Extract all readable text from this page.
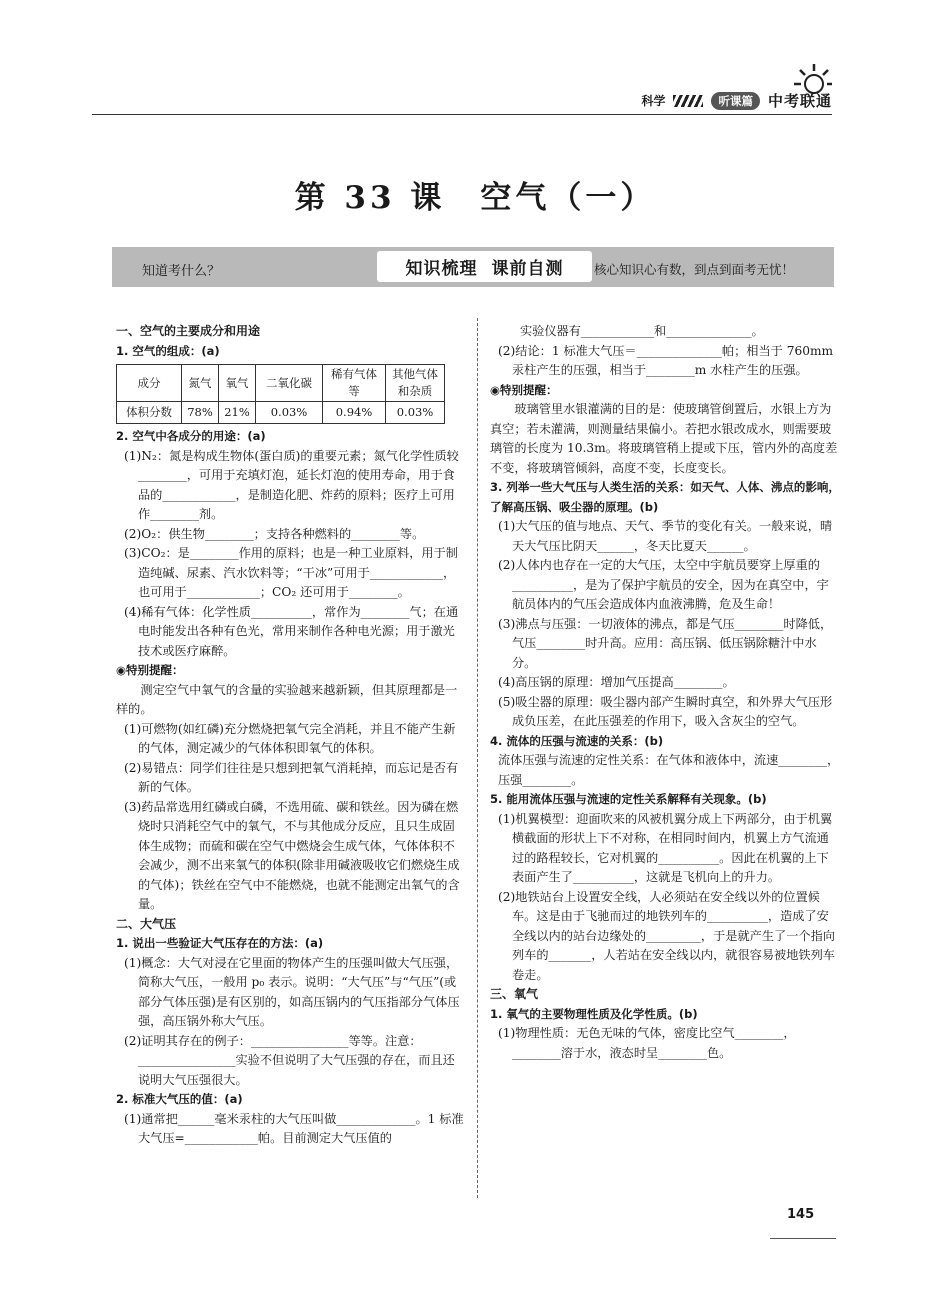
科学	听课篇	中考联通
第 33 课　空气（一）
知道考什么？	知识梳理 课前自测 核心知识心有数，到点到面考无忧！

一、空气的主要成分和用途

1. 空气的组成：(a)

成分	氮气	氧气	二氧化碳	稀有气体等	其他气体和杂质
体积分数	78%	21%	0.03%	0.94%	0.03%

2. 空气中各成分的用途：(a)

(1)N₂：氮是构成生物体(蛋白质)的重要元素；氮气化学性质较________，可用于充填灯泡，延长灯泡的使用寿命，用于食品的____________，是制造化肥、炸药的原料；医疗上可用作________剂。

(2)O₂：供生物________；支持各种燃料的________等。

(3)CO₂：是________作用的原料；也是一种工业原料，用于制造纯碱、尿素、汽水饮料等；“干冰”可用于____________，也可用于____________；CO₂ 还可用于________。

(4)稀有气体：化学性质__________，常作为________气；在通电时能发出各种有色光，常用来制作各种电光源；用于激光技术或医疗麻醉。

◉特别提醒：

测定空气中氧气的含量的实验越来越新颖，但其原理都是一样的。

(1)可燃物(如红磷)充分燃烧把氧气完全消耗，并且不能产生新的气体，测定减少的气体体积即氧气的体积。

(2)易错点：同学们往往是只想到把氧气消耗掉，而忘记是否有新的气体。

(3)药品常选用红磷或白磷，不选用硫、碳和铁丝。因为磷在燃烧时只消耗空气中的氧气，不与其他成分反应，且只生成固体生成物；而硫和碳在空气中燃烧会生成气体，气体体积不会减少，测不出来氧气的体积(除非用碱液吸收它们燃烧生成的气体)；铁丝在空气中不能燃烧，也就不能测定出氧气的含量。

二、大气压

1. 说出一些验证大气压存在的方法：(a)

(1)概念：大气对浸在它里面的物体产生的压强叫做大气压强，简称大气压，一般用 p₀ 表示。说明：“大气压”与“气压”(或部分气体压强)是有区别的，如高压锅内的气压指部分气体压强，高压锅外称大气压。

(2)证明其存在的例子：________________等等。注意：________________实验不但说明了大气压强的存在，而且还说明大气压强很大。

2. 标准大气压的值：(a)

(1)通常把______毫米汞柱的大气压叫做_____________。1 标准大气压=____________帕。目前测定大气压值的

实验仪器有____________和______________。

(2)结论：1 标准大气压＝______________帕；相当于 760mm 汞柱产生的压强，相当于________m 水柱产生的压强。

◉特别提醒：

玻璃管里水银灌满的目的是：使玻璃管倒置后，水银上方为真空；若未灌满，则测量结果偏小。若把水银改成水，则需要玻璃管的长度为 10.3m。将玻璃管稍上提或下压，管内外的高度差不变，将玻璃管倾斜，高度不变，长度变长。

3. 列举一些大气压与人类生活的关系：如天气、人体、沸点的影响，了解高压锅、吸尘器的原理。(b)

(1)大气压的值与地点、天气、季节的变化有关。一般来说，晴天大气压比阴天______，冬天比夏天______。

(2)人体内也存在一定的大气压，太空中宇航员要穿上厚重的__________，是为了保护宇航员的安全，因为在真空中，宇航员体内的气压会造成体内血液沸腾，危及生命！

(3)沸点与压强：一切液体的沸点，都是气压________时降低，气压________时升高。应用：高压锅、低压锅除糖汁中水分。

(4)高压锅的原理：增加气压提高________。

(5)吸尘器的原理：吸尘器内部产生瞬时真空，和外界大气压形成负压差，在此压强差的作用下，吸入含灰尘的空气。

4. 流体的压强与流速的关系：(b)

流体压强与流速的定性关系：在气体和液体中，流速________，压强________。

5. 能用流体压强与流速的定性关系解释有关现象。(b)

(1)机翼模型：迎面吹来的风被机翼分成上下两部分，由于机翼横截面的形状上下不对称，在相同时间内，机翼上方气流通过的路程较长，它对机翼的__________。因此在机翼的上下表面产生了__________，这就是飞机向上的升力。

(2)地铁站台上设置安全线，人必须站在安全线以外的位置候车。这是由于飞驰而过的地铁列车的__________，造成了安全线以内的站台边缘处的_________，于是就产生了一个指向列车的_______，人若站在安全线以内，就很容易被地铁列车卷走。

三、氧气

1. 氧气的主要物理性质及化学性质。(b)

(1)物理性质：无色无味的气体，密度比空气________，________溶于水，液态时呈________色。

145
